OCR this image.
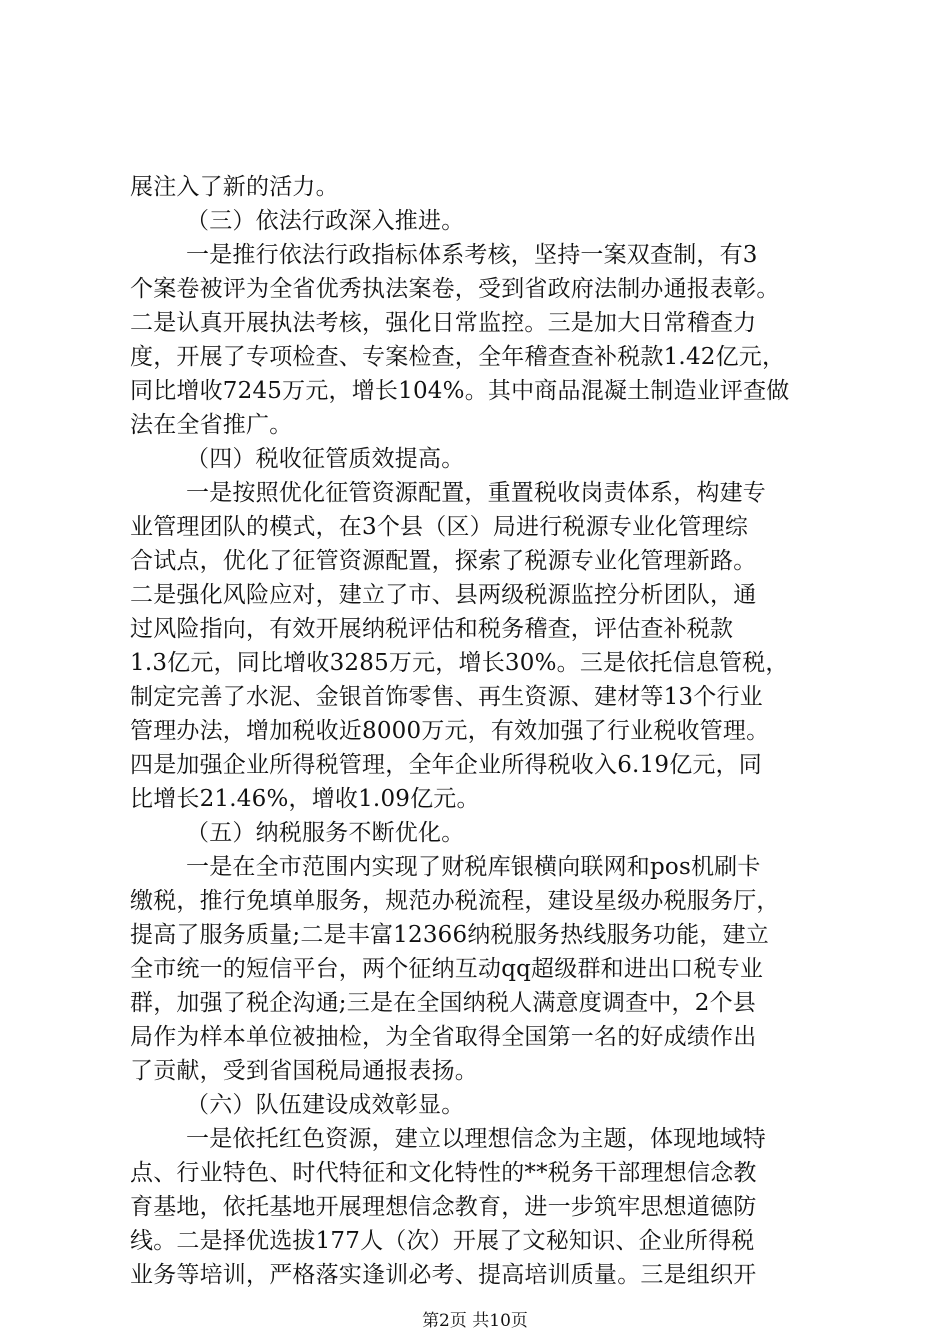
展注入了新的活力。
（三）依法行政深入推进。
一是推行依法行政指标体系考核，坚持一案双查制，有3
个案卷被评为全省优秀执法案卷，受到省政府法制办通报表彰。
二是认真开展执法考核，强化日常监控。三是加大日常稽查力
度，开展了专项检查、专案检查，全年稽查查补税款1.42亿元，
同比增收7245万元，增长104%。其中商品混凝土制造业评查做
法在全省推广。
（四）税收征管质效提高。
一是按照优化征管资源配置，重置税收岗责体系，构建专
业管理团队的模式，在3个县（区）局进行税源专业化管理综
合试点，优化了征管资源配置，探索了税源专业化管理新路。
二是强化风险应对，建立了市、县两级税源监控分析团队，通
过风险指向，有效开展纳税评估和税务稽查，评估查补税款
1.3亿元，同比增收3285万元，增长30%。三是依托信息管税，
制定完善了水泥、金银首饰零售、再生资源、建材等13个行业
管理办法，增加税收近8000万元，有效加强了行业税收管理。
四是加强企业所得税管理，全年企业所得税收入6.19亿元，同
比增长21.46%，增收1.09亿元。
（五）纳税服务不断优化。
一是在全市范围内实现了财税库银横向联网和pos机刷卡
缴税，推行免填单服务，规范办税流程，建设星级办税服务厅，
提高了服务质量;二是丰富12366纳税服务热线服务功能，建立
全市统一的短信平台，两个征纳互动qq超级群和进出口税专业
群，加强了税企沟通;三是在全国纳税人满意度调查中，2个县
局作为样本单位被抽检，为全省取得全国第一名的好成绩作出
了贡献，受到省国税局通报表扬。
（六）队伍建设成效彰显。
一是依托红色资源，建立以理想信念为主题，体现地域特
点、行业特色、时代特征和文化特性的**税务干部理想信念教
育基地，依托基地开展理想信念教育，进一步筑牢思想道德防
线。二是择优选拔177人（次）开展了文秘知识、企业所得税
业务等培训，严格落实逢训必考、提高培训质量。三是组织开
第2页 共10页
